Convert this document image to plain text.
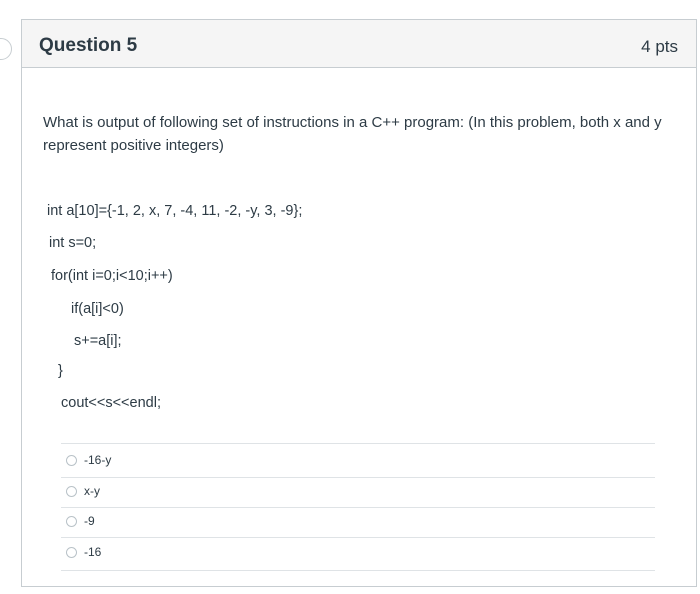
Question 5	4 pts
What is output of following set of instructions in a C++ program: (In this problem, both x and y represent positive integers)
int a[10]={-1, 2, x, 7, -4, 11, -2, -y, 3, -9};
int s=0;
for(int i=0;i<10;i++)
if(a[i]<0)
s+=a[i];
}
cout<<s<<endl;
-16-y
x-y
-9
-16
